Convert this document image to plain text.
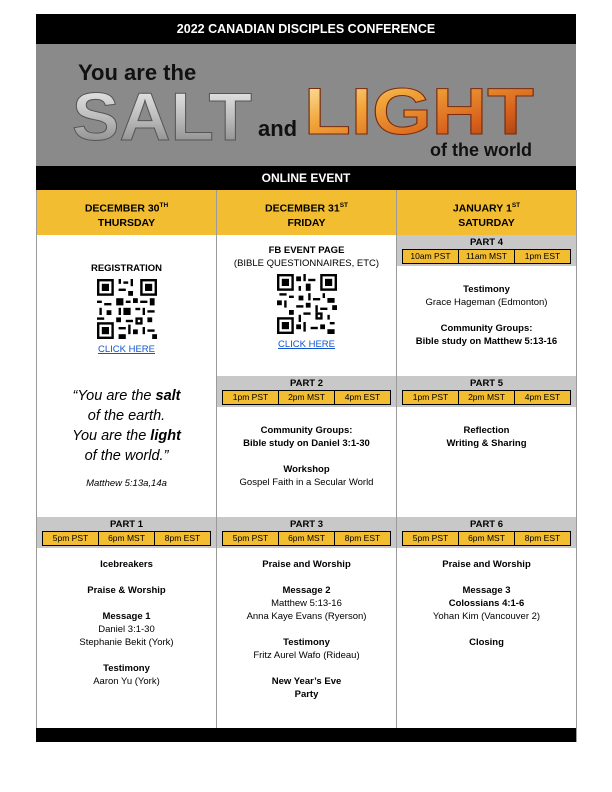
2022 CANADIAN DISCIPLES CONFERENCE
You are the
SALT and LIGHT
of the world
ONLINE EVENT
DECEMBER 30TH
THURSDAY
REGISTRATION
CLICK HERE
“You are the salt
of the earth.
You are the light
of the world.”
Matthew 5:13a,14a
PART 1
5pm PST	6pm MST	8pm EST
Icebreakers
Praise & Worship
Message 1
Daniel 3:1-30
Stephanie Bekit (York)
Testimony
Aaron Yu (York)
DECEMBER 31ST
FRIDAY
FB EVENT PAGE
(BIBLE QUESTIONNAIRES, ETC)
CLICK HERE
PART 2
1pm PST	2pm MST	4pm EST
Community Groups:
Bible study on Daniel 3:1-30
Workshop
Gospel Faith in a Secular World
PART 3
5pm PST	6pm MST	8pm EST
Praise and Worship
Message 2
Matthew 5:13-16
Anna Kaye Evans (Ryerson)
Testimony
Fritz Aurel Wafo (Rideau)
New Year’s Eve
Party
JANUARY 1ST
SATURDAY
PART 4
10am PST	11am MST	1pm EST
Testimony
Grace Hageman (Edmonton)
Community Groups:
Bible study on Matthew 5:13-16
PART 5
1pm PST	2pm MST	4pm EST
Reflection
Writing & Sharing
PART 6
5pm PST	6pm MST	8pm EST
Praise and Worship
Message 3
Colossians 4:1-6
Yohan Kim (Vancouver 2)
Closing
